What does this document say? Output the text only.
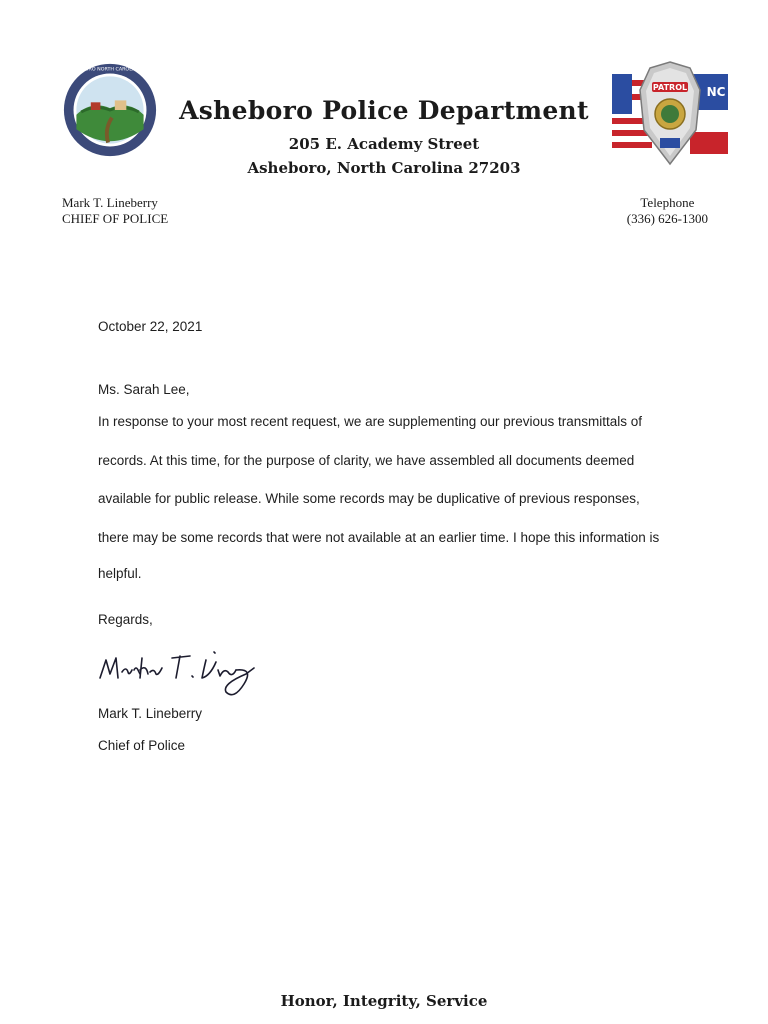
CITY OF ASHEBORO NORTH CAROLINA · DECEMBER
NC
PATROL
Asheboro Police Department
205 E. Academy Street
Asheboro, North Carolina 27203
Mark T. Lineberry
CHIEF OF POLICE
Telephone
(336) 626-1300
October 22, 2021
Ms. Sarah Lee,
In response to your most recent request, we are supplementing our previous transmittals of
records. At this time, for the purpose of clarity, we have assembled all documents deemed
available for public release. While some records may be duplicative of previous responses,
there may be some records that were not available at an earlier time. I hope this information is
helpful.
Regards,
Mark T. Lineberry
Chief of Police
Honor, Integrity, Service
